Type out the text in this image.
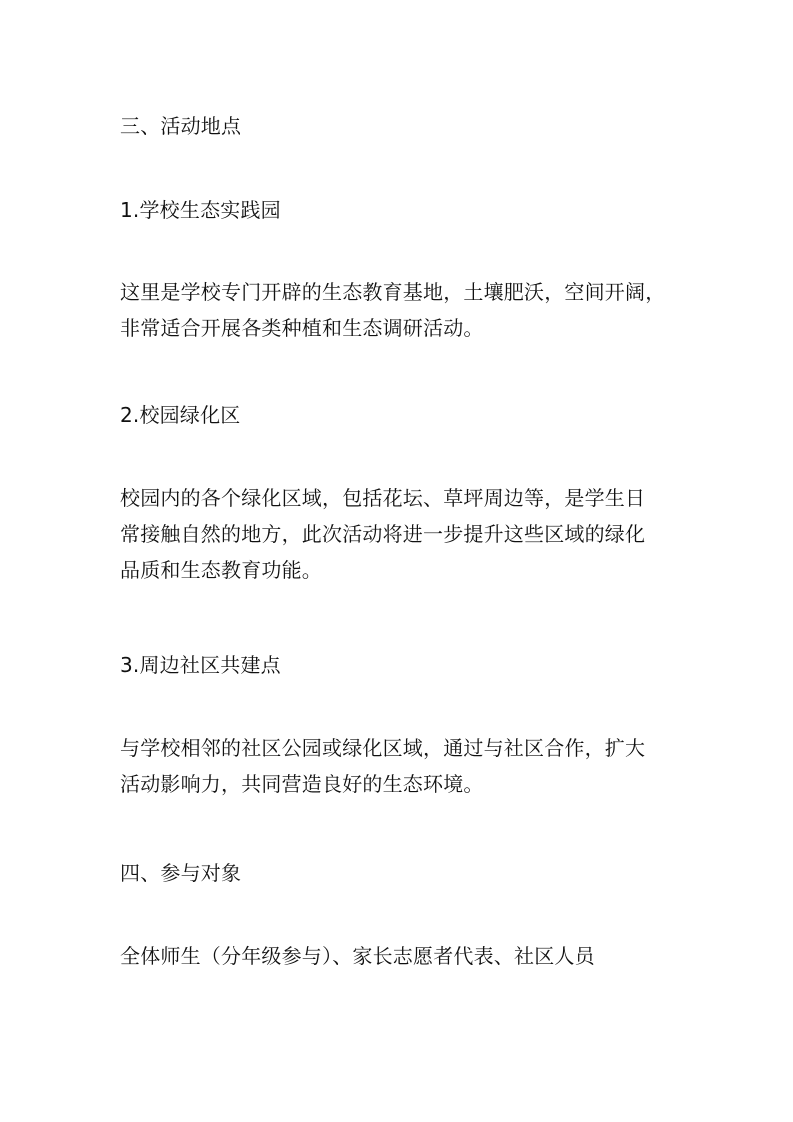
三、活动地点
1.学校生态实践园
这里是学校专门开辟的生态教育基地，土壤肥沃，空间开阔，
非常适合开展各类种植和生态调研活动。
2.校园绿化区
校园内的各个绿化区域，包括花坛、草坪周边等，是学生日
常接触自然的地方，此次活动将进一步提升这些区域的绿化
品质和生态教育功能。
3.周边社区共建点
与学校相邻的社区公园或绿化区域，通过与社区合作，扩大
活动影响力，共同营造良好的生态环境。
四、参与对象
全体师生（分年级参与）、家长志愿者代表、社区人员
